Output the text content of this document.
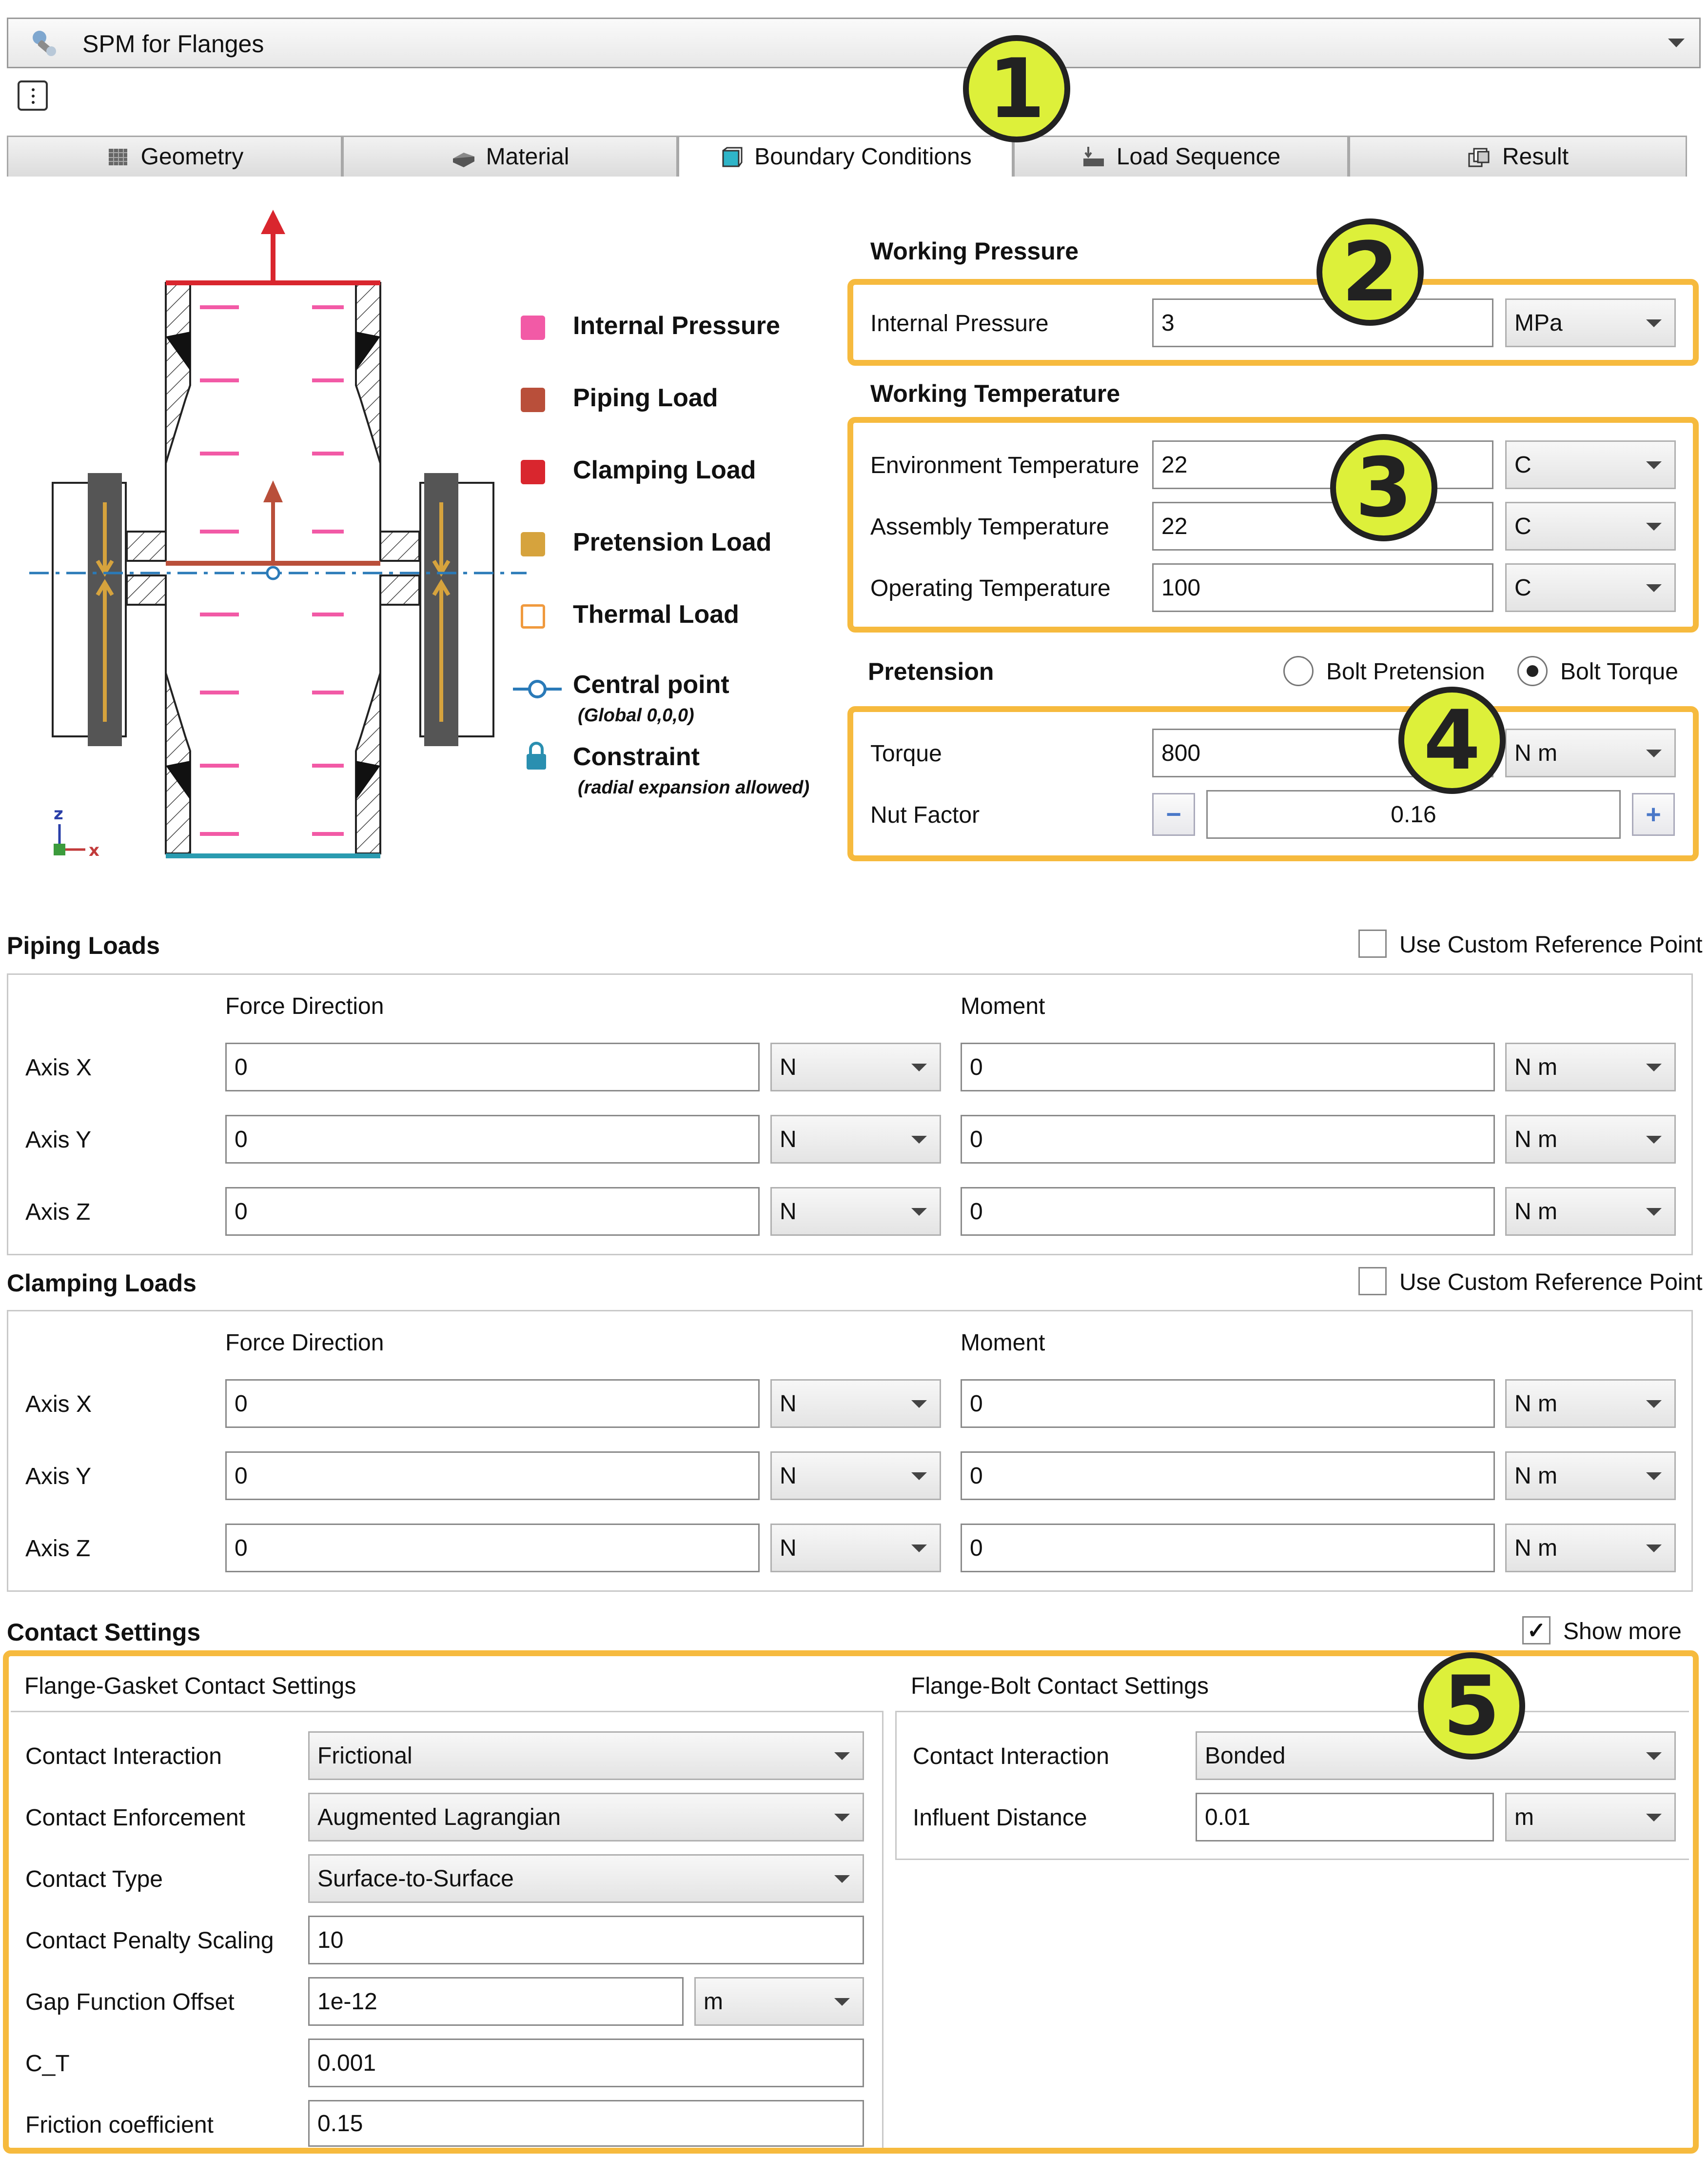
SPM for Flanges
Geometry	Material	Boundary Conditions	Load Sequence	Result
z
x
Internal Pressure
Piping Load
Clamping Load
Pretension Load
Thermal Load
Central point
(Global 0,0,0)
Constraint
(radial expansion allowed)
Working Pressure
Internal Pressure	3	MPa
Working Temperature
Environment Temperature 22	C
Assembly Temperature	22	C
Operating Temperature	100	C
Pretension	Bolt Pretension	Bolt Torque
Torque	800	N m
Nut Factor	−	0.16	+
Piping Loads	Use Custom Reference Point
Force Direction	Moment
Axis X	0	N	0	N m
Axis Y	0	N	0	N m
Axis Z	0	N	0	N m
Clamping Loads	Use Custom Reference Point
Force Direction	Moment
Axis X	0	N	0	N m
Axis Y	0	N	0	N m
Axis Z	0	N	0	N m
Contact Settings	✓ Show more
Flange-Gasket Contact Settings
Contact Interaction	Frictional
Contact Enforcement	Augmented Lagrangian
Contact Type	Surface-to-Surface
Contact Penalty Scaling	10
Gap Function Offset	1e-12	m
C_T	0.001
Friction coefficient	0.15
Flange-Bolt Contact Settings
Contact Interaction	Bonded
Influent Distance	0.01	m
1
2
3
4
5
